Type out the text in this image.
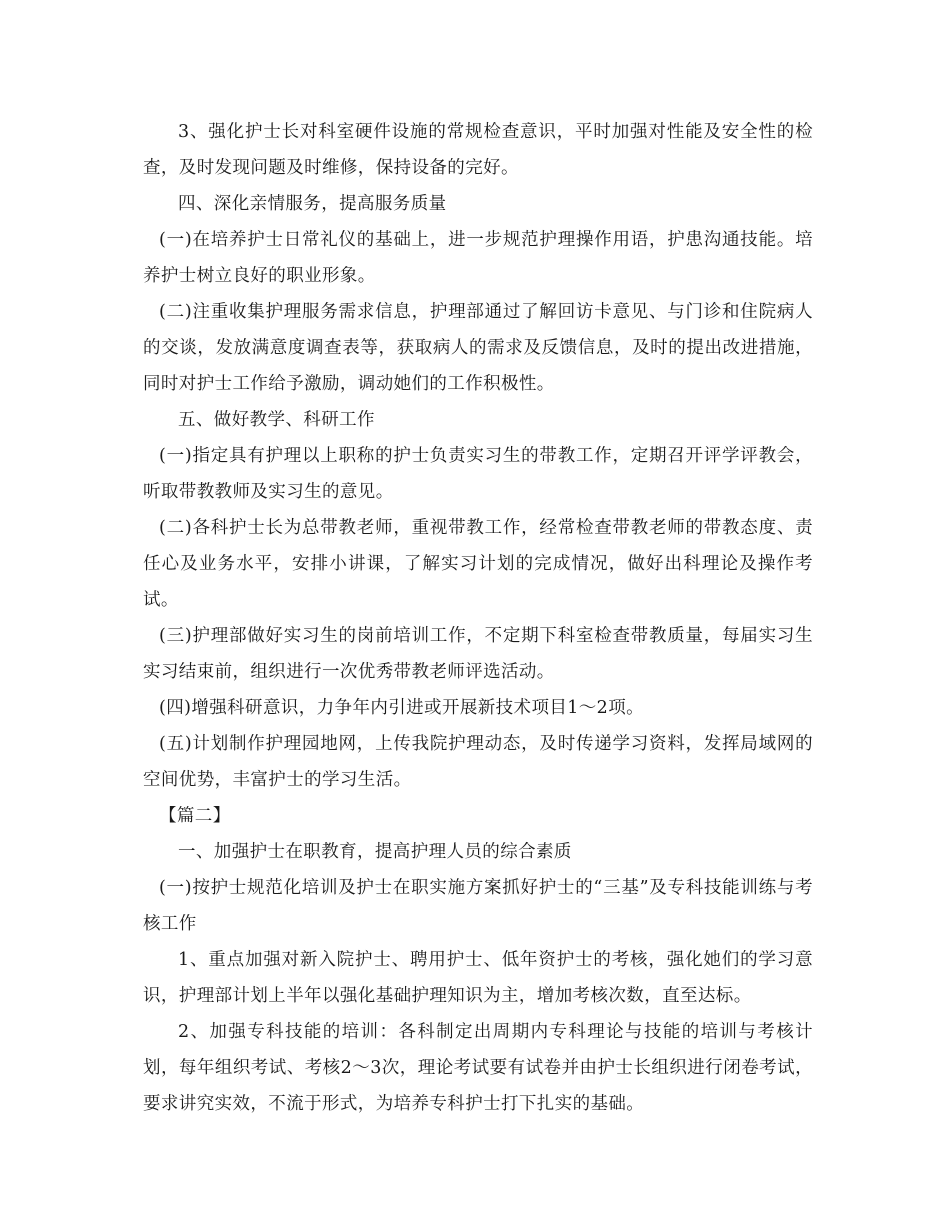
3、强化护士长对科室硬件设施的常规检查意识，平时加强对性能及安全性的检查，及时发现问题及时维修，保持设备的完好。

四、深化亲情服务，提高服务质量

(一)在培养护士日常礼仪的基础上，进一步规范护理操作用语，护患沟通技能。培养护士树立良好的职业形象。

(二)注重收集护理服务需求信息，护理部通过了解回访卡意见、与门诊和住院病人的交谈，发放满意度调查表等，获取病人的需求及反馈信息，及时的提出改进措施，同时对护士工作给予激励，调动她们的工作积极性。

五、做好教学、科研工作

(一)指定具有护理以上职称的护士负责实习生的带教工作，定期召开评学评教会，听取带教教师及实习生的意见。

(二)各科护士长为总带教老师，重视带教工作，经常检查带教老师的带教态度、责任心及业务水平，安排小讲课，了解实习计划的完成情况，做好出科理论及操作考试。

(三)护理部做好实习生的岗前培训工作，不定期下科室检查带教质量，每届实习生实习结束前，组织进行一次优秀带教老师评选活动。

(四)增强科研意识，力争年内引进或开展新技术项目1～2项。

(五)计划制作护理园地网，上传我院护理动态，及时传递学习资料，发挥局域网的空间优势，丰富护士的学习生活。

【篇二】

一、加强护士在职教育，提高护理人员的综合素质

(一)按护士规范化培训及护士在职实施方案抓好护士的“三基”及专科技能训练与考核工作

1、重点加强对新入院护士、聘用护士、低年资护士的考核，强化她们的学习意识，护理部计划上半年以强化基础护理知识为主，增加考核次数，直至达标。

2、加强专科技能的培训：各科制定出周期内专科理论与技能的培训与考核计划，每年组织考试、考核2～3次，理论考试要有试卷并由护士长组织进行闭卷考试，要求讲究实效，不流于形式，为培养专科护士打下扎实的基础。
